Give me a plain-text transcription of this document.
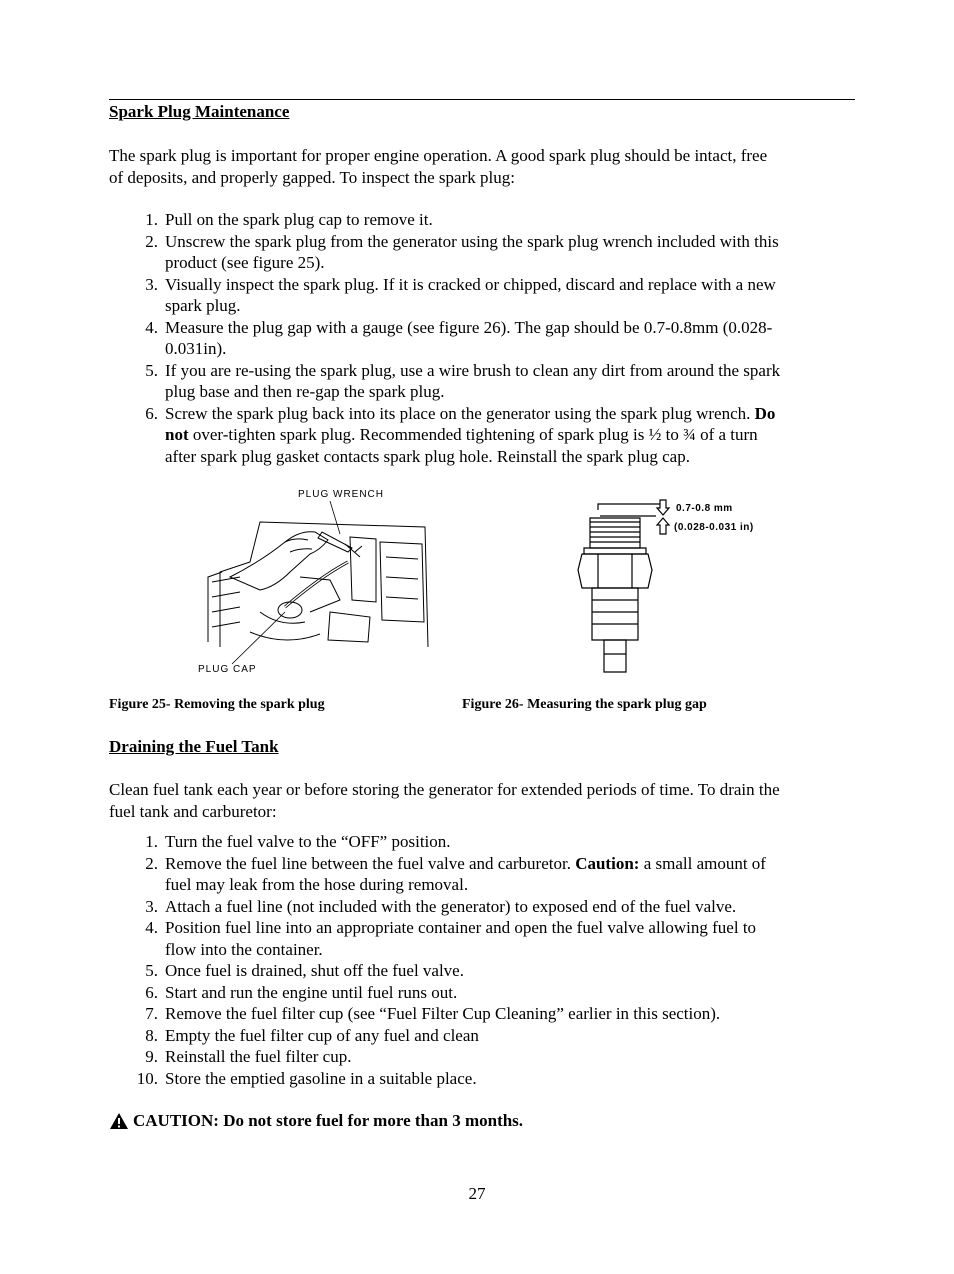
Spark Plug Maintenance
The spark plug is important for proper engine operation. A good spark plug should be intact, free
of deposits, and properly gapped. To inspect the spark plug:
1. Pull on the spark plug cap to remove it.
2. Unscrew the spark plug from the generator using the spark plug wrench included with this
product (see figure 25).
3. Visually inspect the spark plug. If it is cracked or chipped, discard and replace with a new
spark plug.
4. Measure the plug gap with a gauge (see figure 26). The gap should be 0.7-0.8mm (0.028-
0.031in).
5. If you are re-using the spark plug, use a wire brush to clean any dirt from around the spark
plug base and then re-gap the spark plug.
6. Screw the spark plug back into its place on the generator using the spark plug wrench. Do
not over-tighten spark plug. Recommended tightening of spark plug is ½ to ¾ of a turn
after spark plug gasket contacts spark plug hole. Reinstall the spark plug cap.
PLUG WRENCH
PLUG CAP
Figure 25- Removing the spark plug
0.7-0.8 mm
(0.028-0.031 in)
Figure 26- Measuring the spark plug gap
Draining the Fuel Tank
Clean fuel tank each year or before storing the generator for extended periods of time. To drain the
fuel tank and carburetor:
1. Turn the fuel valve to the “OFF” position.
2. Remove the fuel line between the fuel valve and carburetor. Caution: a small amount of
fuel may leak from the hose during removal.
3. Attach a fuel line (not included with the generator) to exposed end of the fuel valve.
4. Position fuel line into an appropriate container and open the fuel valve allowing fuel to
flow into the container.
5. Once fuel is drained, shut off the fuel valve.
6. Start and run the engine until fuel runs out.
7. Remove the fuel filter cup (see “Fuel Filter Cup Cleaning” earlier in this section).
8. Empty the fuel filter cup of any fuel and clean
9. Reinstall the fuel filter cup.
10. Store the emptied gasoline in a suitable place.
CAUTION: Do not store fuel for more than 3 months.
27
